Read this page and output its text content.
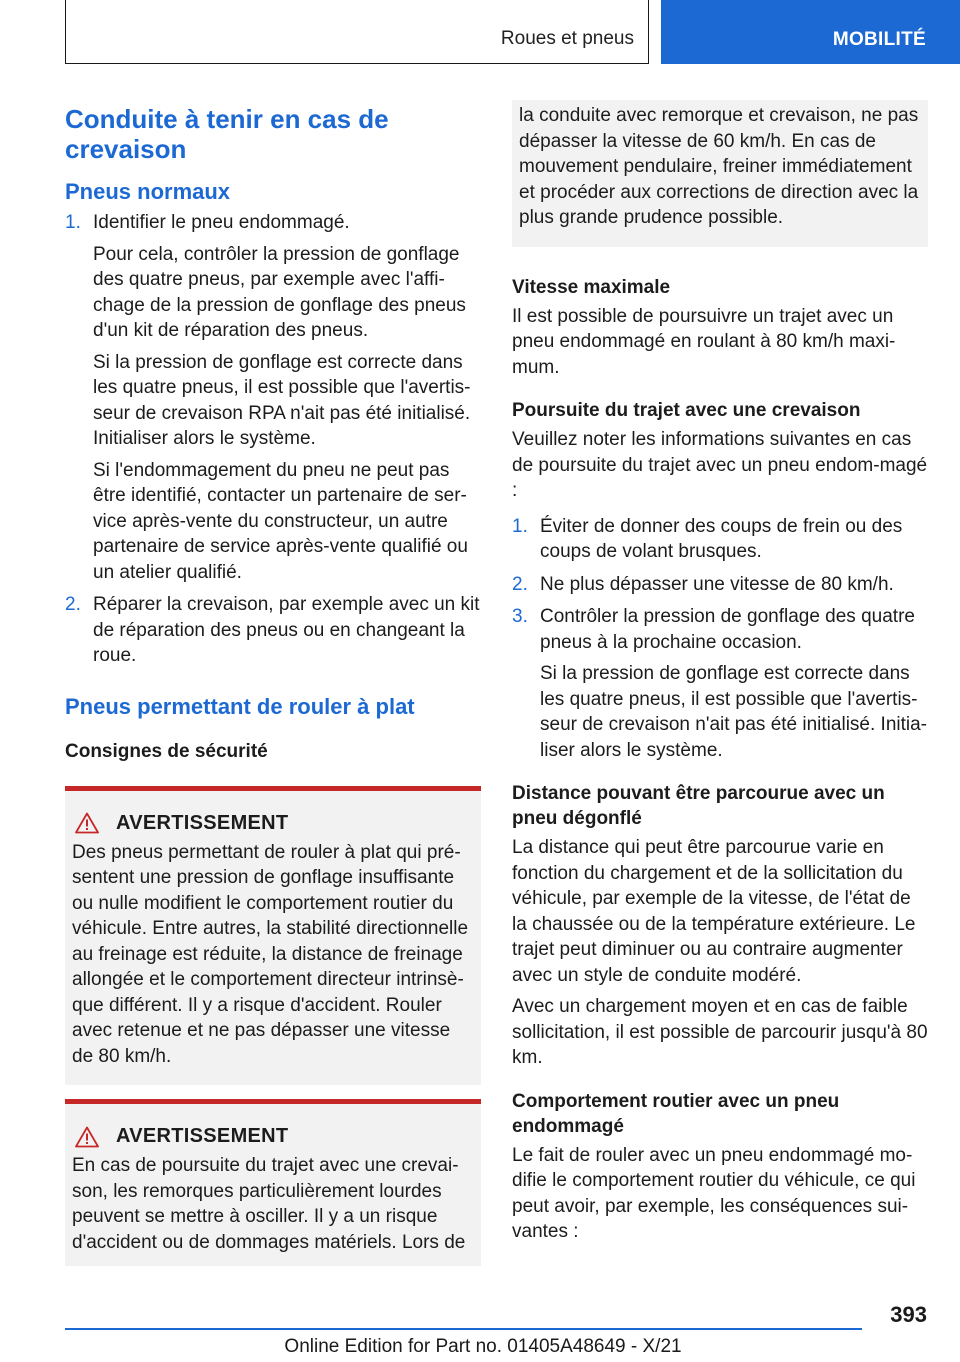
Roues et pneus	MOBILITÉ
Conduite à tenir en cas de crevaison
Pneus normaux
1. Identifier le pneu endommagé.
Pour cela, contrôler la pression de gonflage des quatre pneus, par exemple avec l'affi‐chage de la pression de gonflage des pneus d'un kit de réparation des pneus.
Si la pression de gonflage est correcte dans les quatre pneus, il est possible que l'avertis‐seur de crevaison RPA n'ait pas été initialisé. Initialiser alors le système.
Si l'endommagement du pneu ne peut pas être identifié, contacter un partenaire de ser‐vice après-vente du constructeur, un autre partenaire de service après-vente qualifié ou un atelier qualifié.
2. Réparer la crevaison, par exemple avec un kit de réparation des pneus ou en changeant la roue.
Pneus permettant de rouler à plat
Consignes de sécurité
AVERTISSEMENT
Des pneus permettant de rouler à plat qui pré‐sentent une pression de gonflage insuffisante ou nulle modifient le comportement routier du véhicule. Entre autres, la stabilité directionnelle au freinage est réduite, la distance de freinage allongée et le comportement directeur intrinsè‐que différent. Il y a risque d'accident. Rouler avec retenue et ne pas dépasser une vitesse de 80 km/h.
AVERTISSEMENT
En cas de poursuite du trajet avec une crevai‐son, les remorques particulièrement lourdes peuvent se mettre à osciller. Il y a un risque d'accident ou de dommages matériels. Lors de
la conduite avec remorque et crevaison, ne pas dépasser la vitesse de 60 km/h. En cas de mouvement pendulaire, freiner immédiatement et procéder aux corrections de direction avec la plus grande prudence possible.
Vitesse maximale
Il est possible de poursuivre un trajet avec un pneu endommagé en roulant à 80 km/h maxi‐mum.
Poursuite du trajet avec une crevaison
Veuillez noter les informations suivantes en cas de poursuite du trajet avec un pneu endom‐magé :
1. Éviter de donner des coups de frein ou des coups de volant brusques.
2. Ne plus dépasser une vitesse de 80 km/h.
3. Contrôler la pression de gonflage des quatre pneus à la prochaine occasion.
Si la pression de gonflage est correcte dans les quatre pneus, il est possible que l'avertis‐seur de crevaison n'ait pas été initialisé. Initia‐liser alors le système.
Distance pouvant être parcourue avec un pneu dégonflé
La distance qui peut être parcourue varie en fonction du chargement et de la sollicitation du véhicule, par exemple de la vitesse, de l'état de la chaussée ou de la température extérieure. Le trajet peut diminuer ou au contraire augmenter avec un style de conduite modéré.
Avec un chargement moyen et en cas de faible sollicitation, il est possible de parcourir jusqu'à 80 km.
Comportement routier avec un pneu endommagé
Le fait de rouler avec un pneu endommagé mo‐difie le comportement routier du véhicule, ce qui peut avoir, par exemple, les conséquences sui‐vantes :
393
Online Edition for Part no. 01405A48649 - X/21
